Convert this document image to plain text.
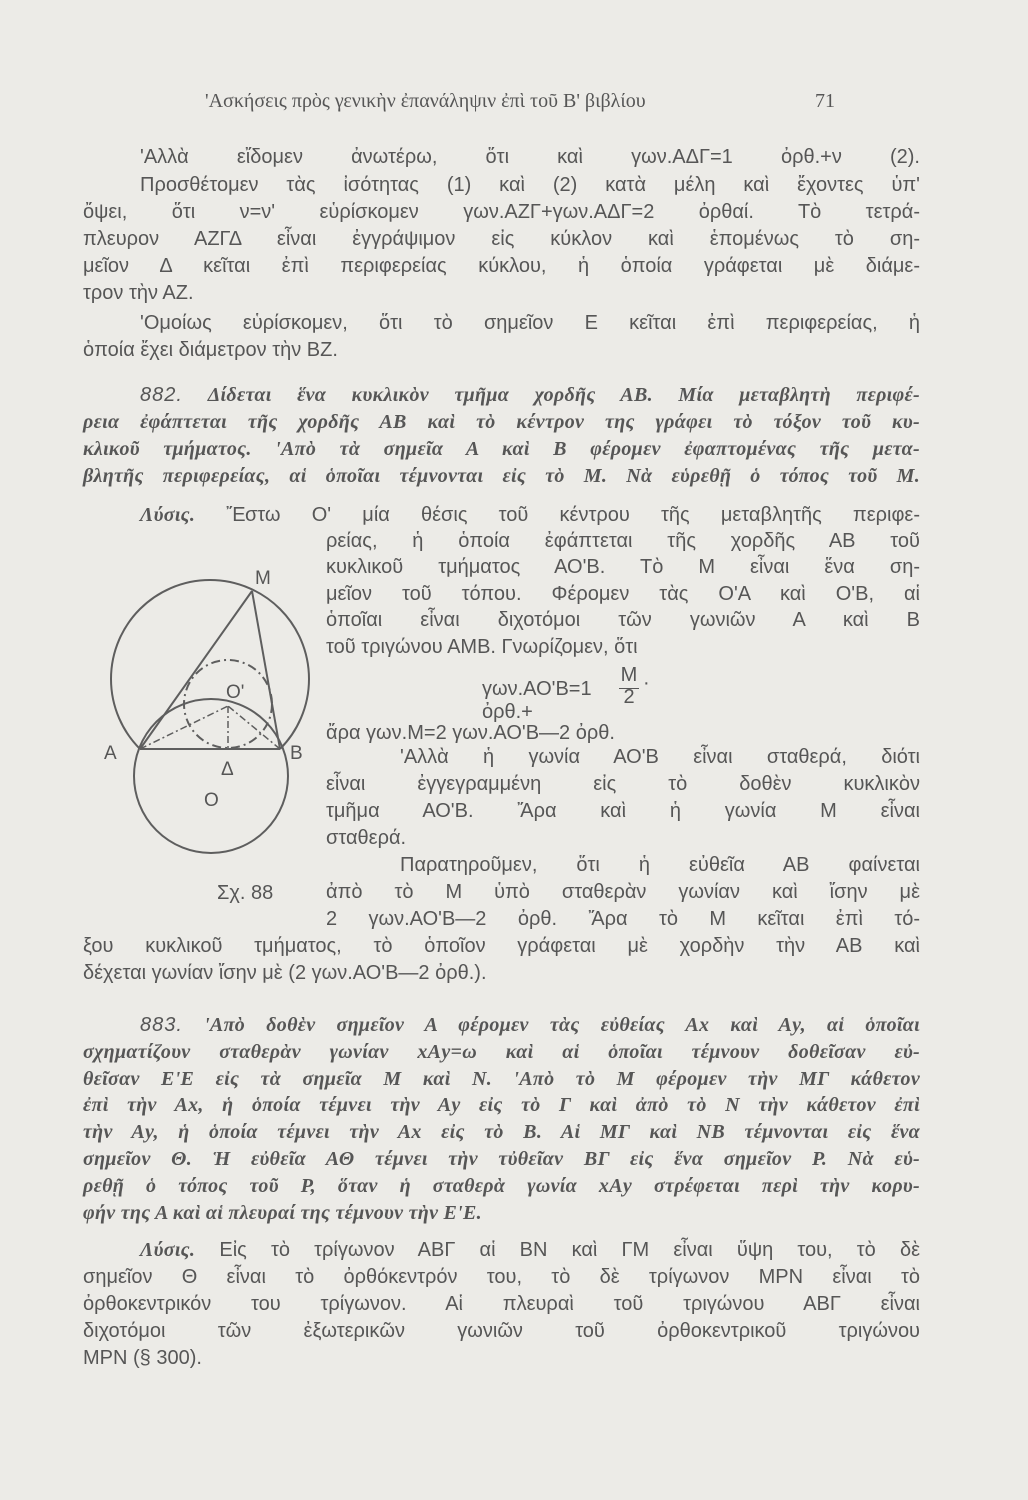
'Ασκήσεις πρὸς γενικὴν ἐπανάληψιν ἐπὶ τοῦ Β' βιβλίου	71
'Αλλὰ εἴδομεν ἀνωτέρω, ὅτι καὶ γων.ΑΔΓ=1 ὀρθ.+ν (2).
Προσθέτομεν τὰς ἰσότητας (1) καὶ (2) κατὰ μέλη καὶ ἔχοντες ὑπ'
ὄψει, ὅτι ν=ν' εὑρίσκομεν γων.ΑΖΓ+γων.ΑΔΓ=2 ὀρθαί. Τὸ τετρά-
πλευρον ΑΖΓΔ εἶναι ἐγγράψιμον εἰς κύκλον καὶ ἑπομένως τὸ ση-
μεῖον Δ κεῖται ἐπὶ περιφερείας κύκλου, ἡ ὁποία γράφεται μὲ διάμε-
τρον τὴν ΑΖ.
'Ομοίως εὑρίσκομεν, ὅτι τὸ σημεῖον Ε κεῖται ἐπὶ περιφερείας, ἡ
ὁποία ἔχει διάμετρον τὴν ΒΖ.
882. Δίδεται ἕνα κυκλικὸν τμῆμα χορδῆς ΑΒ. Μία μεταβλητὴ περιφέ-
ρεια ἐφάπτεται τῆς χορδῆς ΑΒ καὶ τὸ κέντρον της γράφει τὸ τόξον τοῦ κυ-
κλικοῦ τμήματος. 'Απὸ τὰ σημεῖα Α καὶ Β φέρομεν ἐφαπτομένας τῆς μετα-
βλητῆς περιφερείας, αἱ ὁποῖαι τέμνονται εἰς τὸ Μ. Νὰ εὑρεθῇ ὁ τόπος τοῦ Μ.
Λύσις. Ἔστω Ο' μία θέσις τοῦ κέντρου τῆς μεταβλητῆς περιφε-
ρείας, ἡ ὁποία ἐφάπτεται τῆς χορδῆς ΑΒ τοῦ
κυκλικοῦ τμήματος ΑΟ'Β. Τὸ Μ εἶναι ἕνα ση-
μεῖον τοῦ τόπου. Φέρομεν τὰς Ο'Α καὶ Ο'Β, αἱ
ὁποῖαι εἶναι διχοτόμοι τῶν γωνιῶν Α καὶ Β
τοῦ τριγώνου ΑΜΒ. Γνωρίζομεν, ὅτι
γων.ΑΟ'Β=1 ὀρθ.+
Μ
2
·
ἄρα γων.Μ=2 γων.ΑΟ'Β—2 ὀρθ.
'Αλλὰ ἡ γωνία ΑΟ'Β εἶναι σταθερά, διότι
εἶναι ἐγγεγραμμένη εἰς τὸ δοθὲν κυκλικὸν
τμῆμα ΑΟ'Β. Ἄρα καὶ ἡ γωνία Μ εἶναι
σταθερά.
Παρατηροῦμεν, ὅτι ἡ εὐθεῖα ΑΒ φαίνεται
ἀπὸ τὸ Μ ὑπὸ σταθερὰν γωνίαν καὶ ἴσην μὲ
2 γων.ΑΟ'Β—2 ὀρθ. Ἄρα τὸ Μ κεῖται ἐπὶ τό-
ξου κυκλικοῦ τμήματος, τὸ ὁποῖον γράφεται μὲ χορδὴν τὴν ΑΒ καὶ
δέχεται γωνίαν ἴσην μὲ (2 γων.ΑΟ'Β—2 ὀρθ.).
Μ
Ο'
Α
Δ
Β
Ο
Σχ. 88
883. 'Απὸ δοθὲν σημεῖον Α φέρομεν τὰς εὐθείας Αx καὶ Αy, αἱ ὁποῖαι
σχηματίζουν σταθερὰν γωνίαν xΑy=ω καὶ αἱ ὁποῖαι τέμνουν δοθεῖσαν εὐ-
θεῖσαν Ε'Ε εἰς τὰ σημεῖα Μ καὶ Ν. 'Απὸ τὸ Μ φέρομεν τὴν ΜΓ κάθετον
ἐπὶ τὴν Αx, ἡ ὁποία τέμνει τὴν Αy εἰς τὸ Γ καὶ ἀπὸ τὸ Ν τὴν κάθετον ἐπὶ
τὴν Αy, ἡ ὁποία τέμνει τὴν Αx εἰς τὸ Β. Αἱ ΜΓ καὶ ΝΒ τέμνονται εἰς ἕνα
σημεῖον Θ. Ἡ εὐθεῖα ΑΘ τέμνει τὴν τὐθεῖαν ΒΓ εἰς ἕνα σημεῖον Ρ. Νὰ εὑ-
ρεθῇ ὁ τόπος τοῦ Ρ, ὅταν ἡ σταθερὰ γωνία xΑy στρέφεται περὶ τὴν κορυ-
φήν της Α καὶ αἱ πλευραί της τέμνουν τὴν Ε'Ε.
Λύσις. Εἰς τὸ τρίγωνον ΑΒΓ αἱ ΒΝ καὶ ΓΜ εἶναι ὕψη του, τὸ δὲ
σημεῖον Θ εἶναι τὸ ὀρθόκεντρόν του, τὸ δὲ τρίγωνον ΜΡΝ εἶναι τὸ
ὀρθοκεντρικόν του τρίγωνον. Αἱ πλευραὶ τοῦ τριγώνου ΑΒΓ εἶναι
διχοτόμοι τῶν ἐξωτερικῶν γωνιῶν τοῦ ὀρθοκεντρικοῦ τριγώνου
ΜΡΝ (§ 300).
